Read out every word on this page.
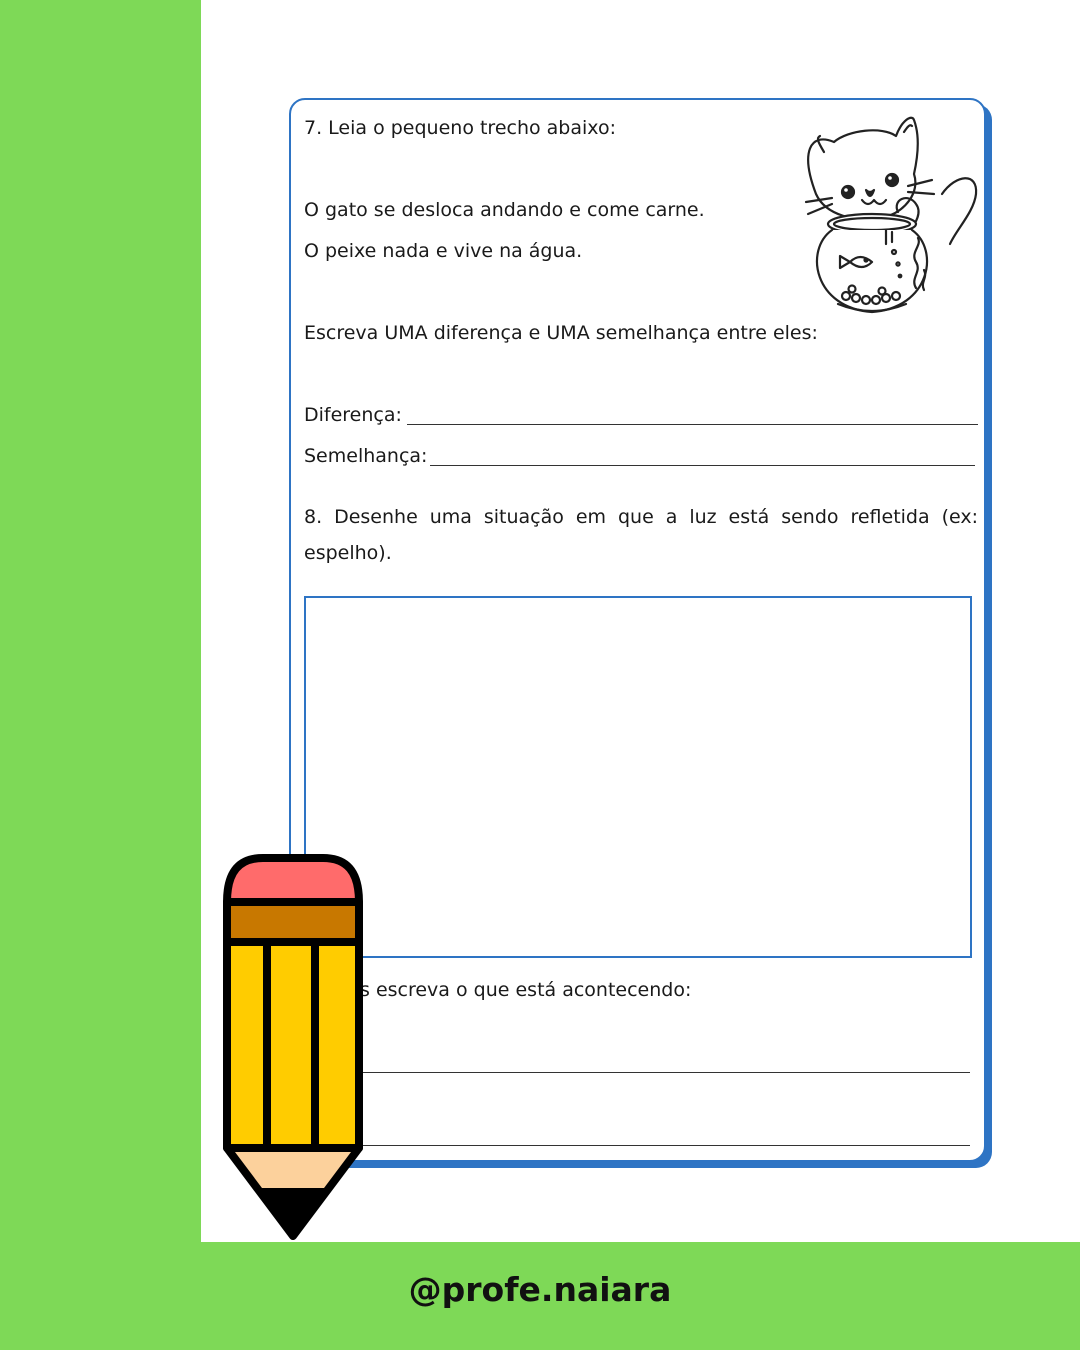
7. Leia o pequeno trecho abaixo:
O gato se desloca andando e come carne.
O peixe nada e vive na água.
Escreva UMA diferença e UMA semelhança entre eles:
Diferença:
Semelhança:
8. Desenhe uma situação em que a luz está sendo refletida (ex: espelho).
s escreva o que está acontecendo:
@profe.naiara
